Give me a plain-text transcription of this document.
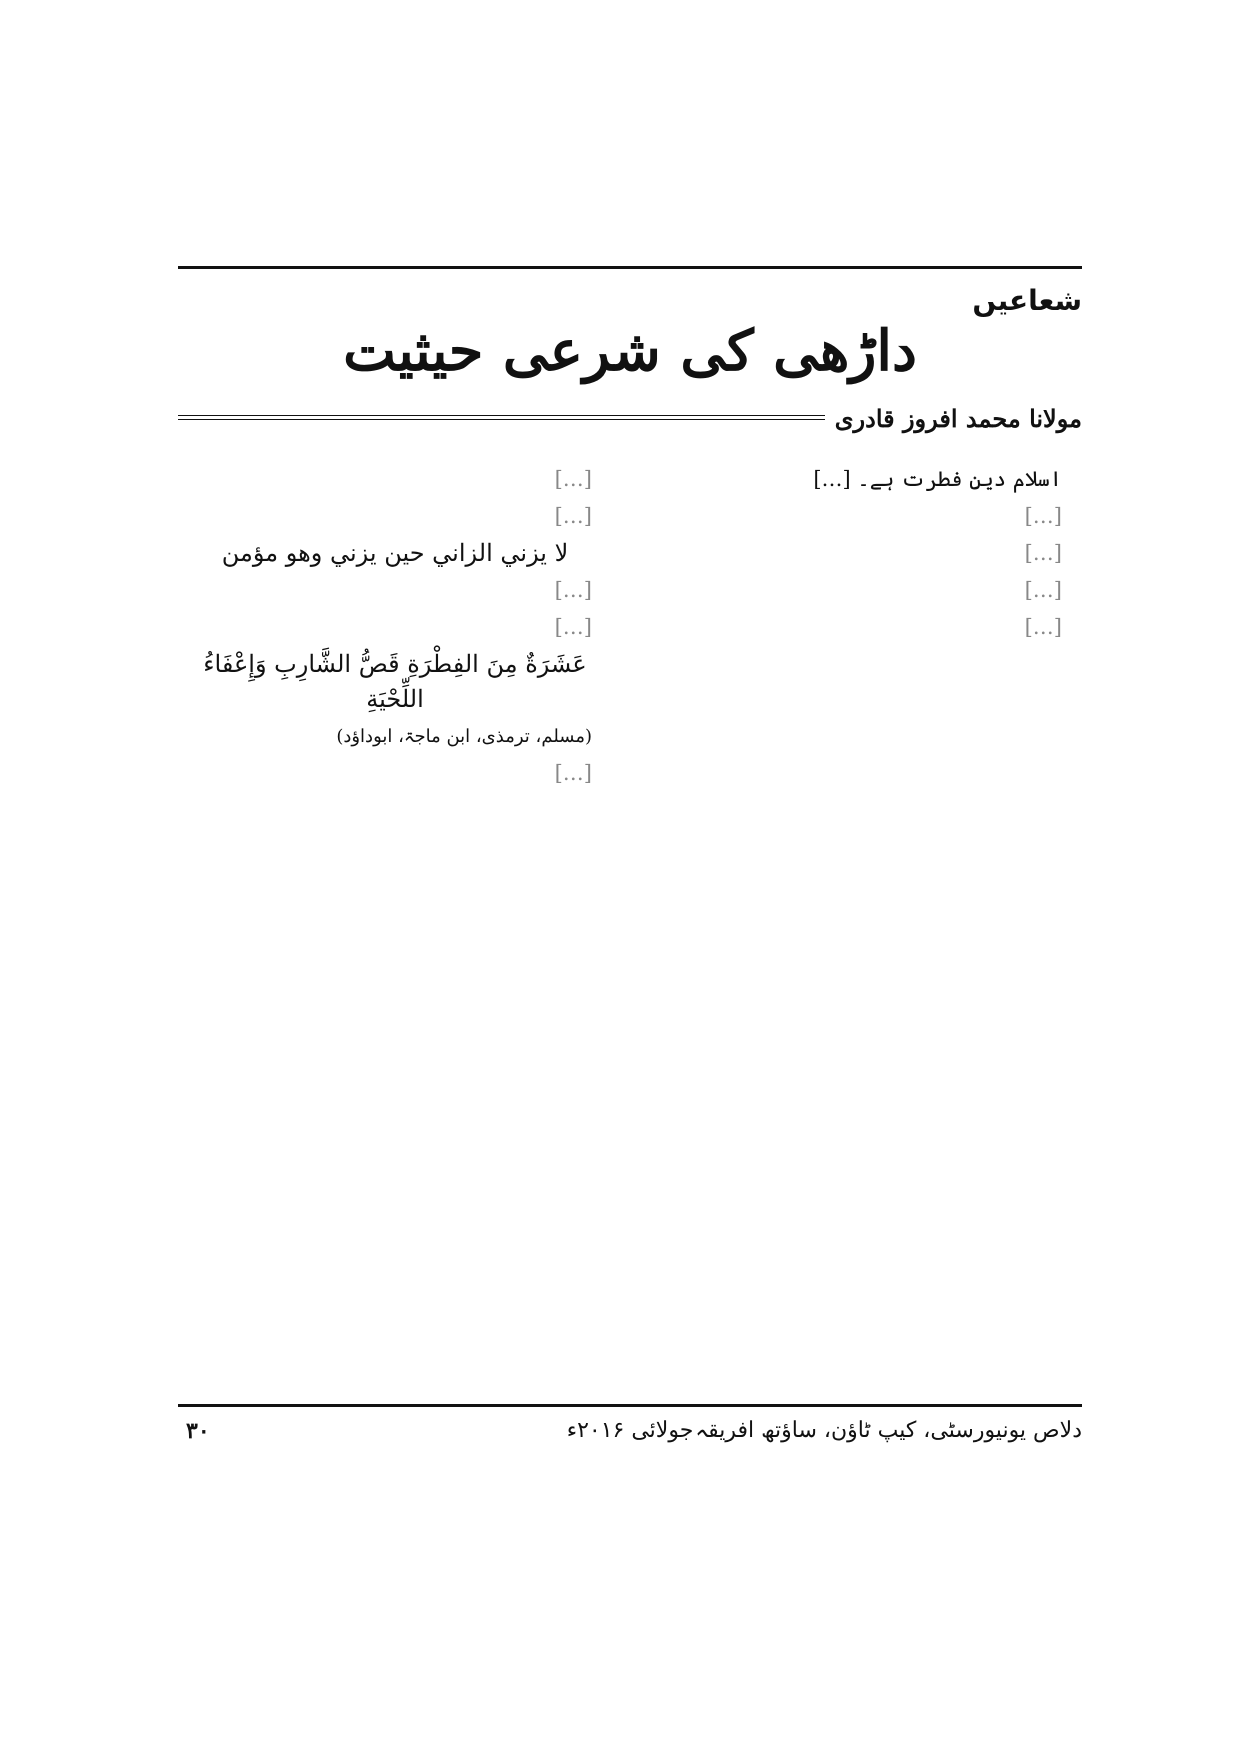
شعاعیں
داڑھی کی شرعی حیثیت
مولانا محمد افروز قادری

اسلام دینِ فطرت ہے۔ […]

[…]

[…]

[…]

[…]

[…]

[…]

لا یزني الزاني حین یزني وھو مؤمن

[…]

[…]

عَشَرَةٌ مِنَ الفِطْرَةِ قَصُّ الشَّارِبِ وَإِعْفَاءُ اللِّحْيَةِ

(مسلم، ترمذی، ابن ماجۃ، ابوداؤد)

[…]

دلاص یونیورسٹی، کیپ ٹاؤن، ساؤتھ افریقہ
جولائی ۲۰۱۶ء
۳۰
